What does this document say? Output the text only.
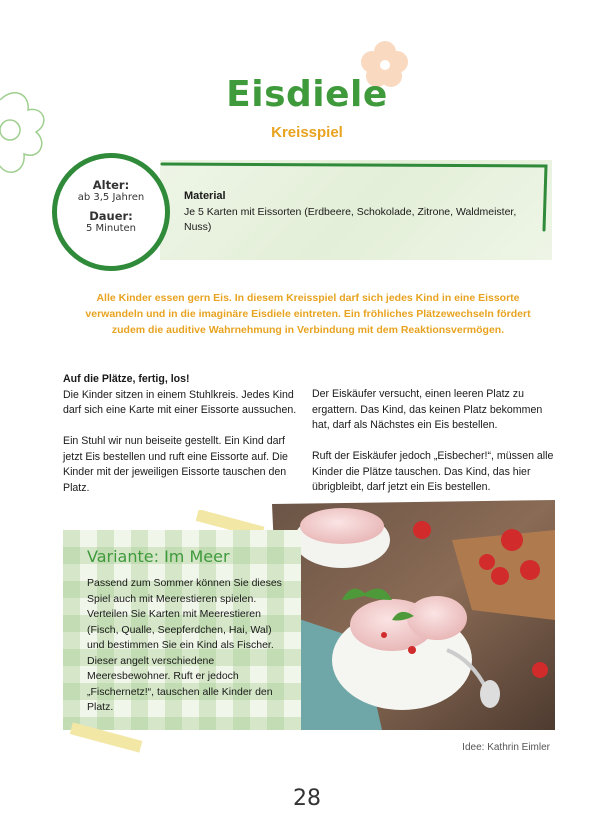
Eisdiele
Kreisspiel
Material
Je 5 Karten mit Eissorten (Erdbeere, Schokolade, Zitrone, Waldmeister, Nuss)
Alter:
ab 3,5 Jahren
Dauer:
5 Minuten
Alle Kinder essen gern Eis. In diesem Kreisspiel darf sich jedes Kind in eine Eissorte verwandeln und in die imaginäre Eisdiele eintreten. Ein fröhliches Plätzewechseln fördert zudem die auditive Wahrnehmung in Verbindung mit dem Reaktionsvermögen.
Auf die Plätze, fertig, los!

Die Kinder sitzen in einem Stuhlkreis. Jedes Kind darf sich eine Karte mit einer Eissorte aussuchen.

Ein Stuhl wir nun beiseite gestellt. Ein Kind darf jetzt Eis bestellen und ruft eine Eissorte auf. Die Kinder mit der jeweiligen Eissorte tauschen den Platz.

Der Eiskäufer versucht, einen leeren Platz zu ergattern. Das Kind, das keinen Platz bekommen hat, darf als Nächstes ein Eis bestellen.

Ruft der Eiskäufer jedoch „Eisbecher!“, müssen alle Kinder die Plätze tauschen. Das Kind, das hier übrigbleibt, darf jetzt ein Eis bestellen.

Variante: Im Meer
Passend zum Sommer können Sie dieses Spiel auch mit Meerestieren spielen.
Verteilen Sie Karten mit Meerestieren (Fisch, Qualle, Seepferdchen, Hai, Wal) und bestimmen Sie ein Kind als Fischer. Dieser angelt verschiedene Meeresbewohner. Ruft er jedoch „Fischernetz!“, tauschen alle Kinder den Platz.
Idee: Kathrin Eimler
28
